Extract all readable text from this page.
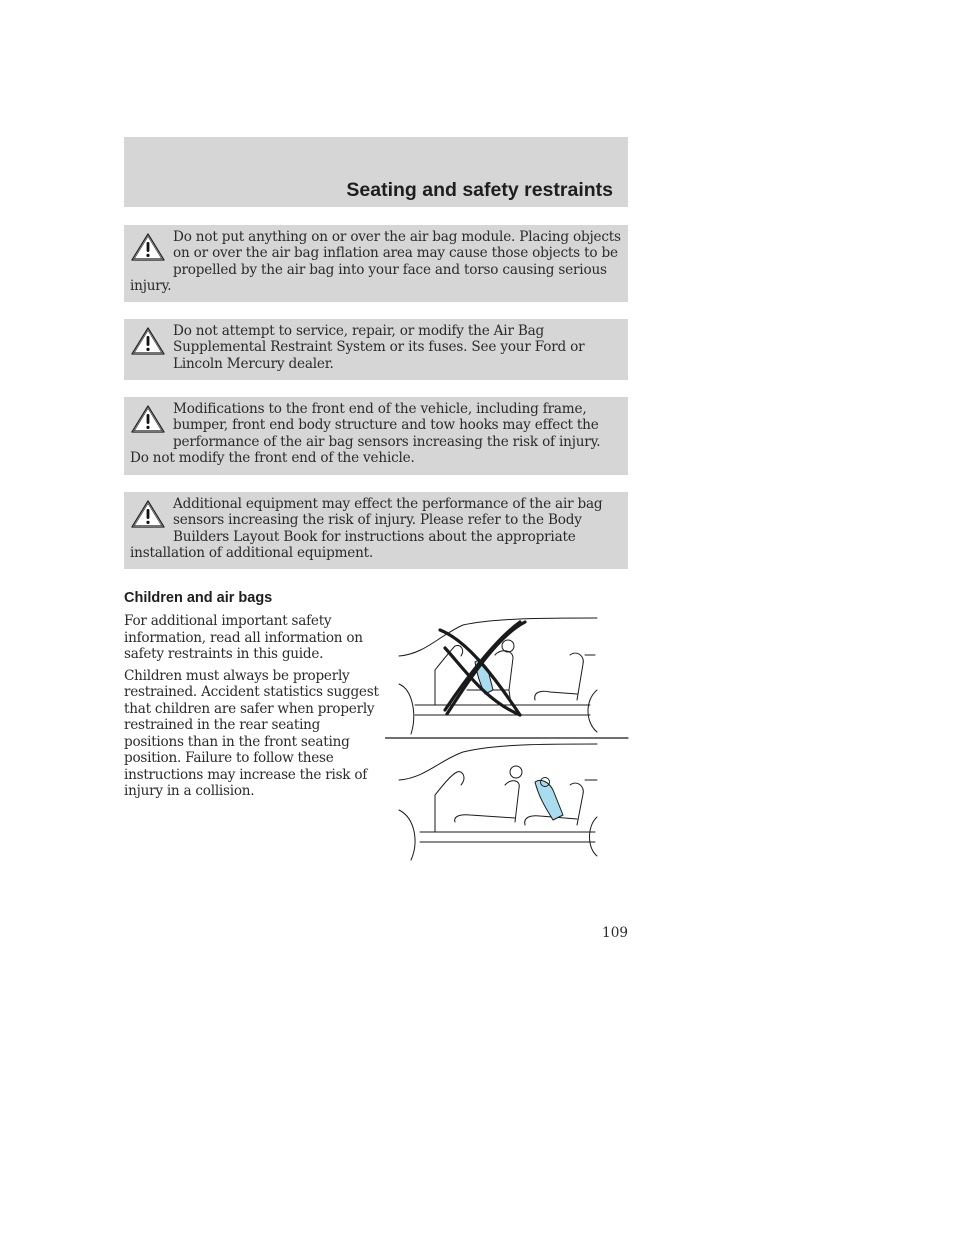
Seating and safety restraints

Do not put anything on or over the air bag module. Placing objects on or over the air bag inflation area may cause those objects to be propelled by the air bag into your face and torso causing serious injury.

Do not attempt to service, repair, or modify the Air Bag Supplemental Restraint System or its fuses. See your Ford or Lincoln Mercury dealer.

Modifications to the front end of the vehicle, including frame, bumper, front end body structure and tow hooks may effect the performance of the air bag sensors increasing the risk of injury. Do not modify the front end of the vehicle.

Additional equipment may effect the performance of the air bag sensors increasing the risk of injury. Please refer to the Body Builders Layout Book for instructions about the appropriate installation of additional equipment.

Children and air bags

For additional important safety information, read all information on safety restraints in this guide.

Children must always be properly restrained. Accident statistics suggest that children are safer when properly restrained in the rear seating positions than in the front seating position. Failure to follow these instructions may increase the risk of injury in a collision.

109
